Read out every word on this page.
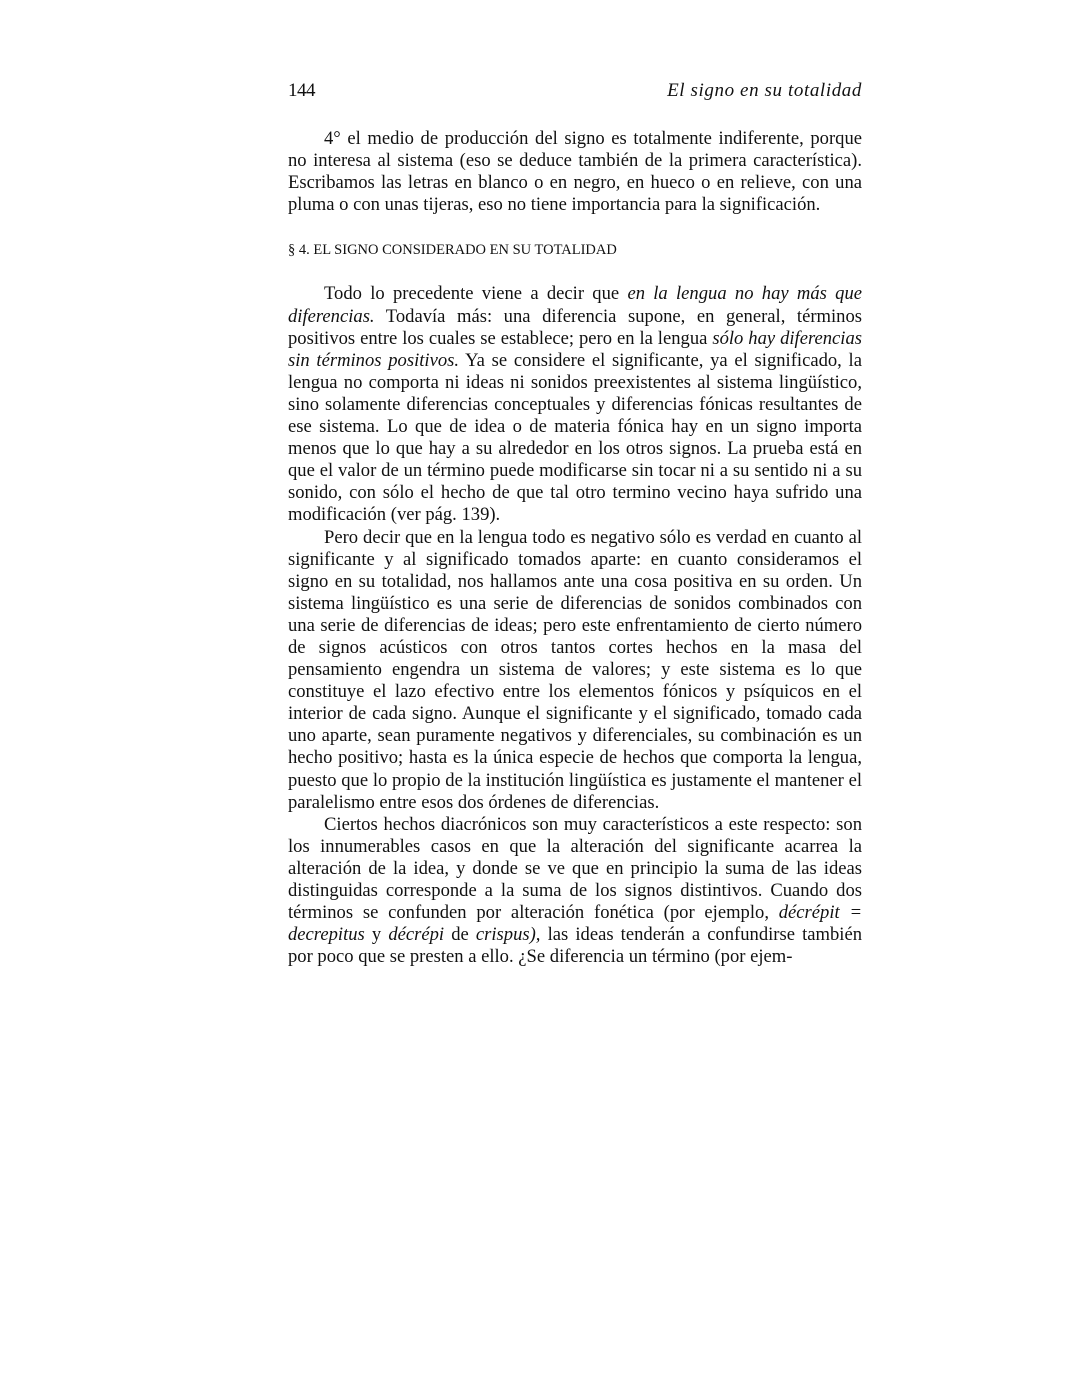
144	El signo en su totalidad

4° el medio de producción del signo es totalmente indiferente, porque no interesa al sistema (eso se deduce también de la primera característica). Escribamos las letras en blanco o en negro, en hueco o en relieve, con una pluma o con unas tijeras, eso no tiene importancia para la significación.

§ 4. EL SIGNO CONSIDERADO EN SU TOTALIDAD

Todo lo precedente viene a decir que en la lengua no hay más que diferencias. Todavía más: una diferencia supone, en general, términos positivos entre los cuales se establece; pero en la lengua sólo hay diferencias sin términos positivos. Ya se considere el significante, ya el significado, la lengua no comporta ni ideas ni sonidos preexistentes al sistema lingüístico, sino solamente diferencias conceptuales y diferencias fónicas resultantes de ese sistema. Lo que de idea o de materia fónica hay en un signo importa menos que lo que hay a su alrededor en los otros signos. La prueba está en que el valor de un término puede modificarse sin tocar ni a su sentido ni a su sonido, con sólo el hecho de que tal otro termino vecino haya sufrido una modificación (ver pág. 139).

Pero decir que en la lengua todo es negativo sólo es verdad en cuanto al significante y al significado tomados aparte: en cuanto consideramos el signo en su totalidad, nos hallamos ante una cosa positiva en su orden. Un sistema lingüístico es una serie de diferencias de sonidos combinados con una serie de diferencias de ideas; pero este enfrentamiento de cierto número de signos acústicos con otros tantos cortes hechos en la masa del pensamiento engendra un sistema de valores; y este sistema es lo que constituye el lazo efectivo entre los elementos fónicos y psíquicos en el interior de cada signo. Aunque el significante y el significado, tomado cada uno aparte, sean puramente negativos y diferenciales, su combinación es un hecho positivo; hasta es la única especie de hechos que comporta la lengua, puesto que lo propio de la institución lingüística es justamente el mantener el paralelismo entre esos dos órdenes de diferencias.

Ciertos hechos diacrónicos son muy característicos a este respecto: son los innumerables casos en que la alteración del significante acarrea la alteración de la idea, y donde se ve que en principio la suma de las ideas distinguidas corresponde a la suma de los signos distintivos. Cuando dos términos se confunden por alteración fonética (por ejemplo, décrépit = decrepitus y décrépi de crispus), las ideas tenderán a confundirse también por poco que se presten a ello. ¿Se diferencia un término (por ejem-
